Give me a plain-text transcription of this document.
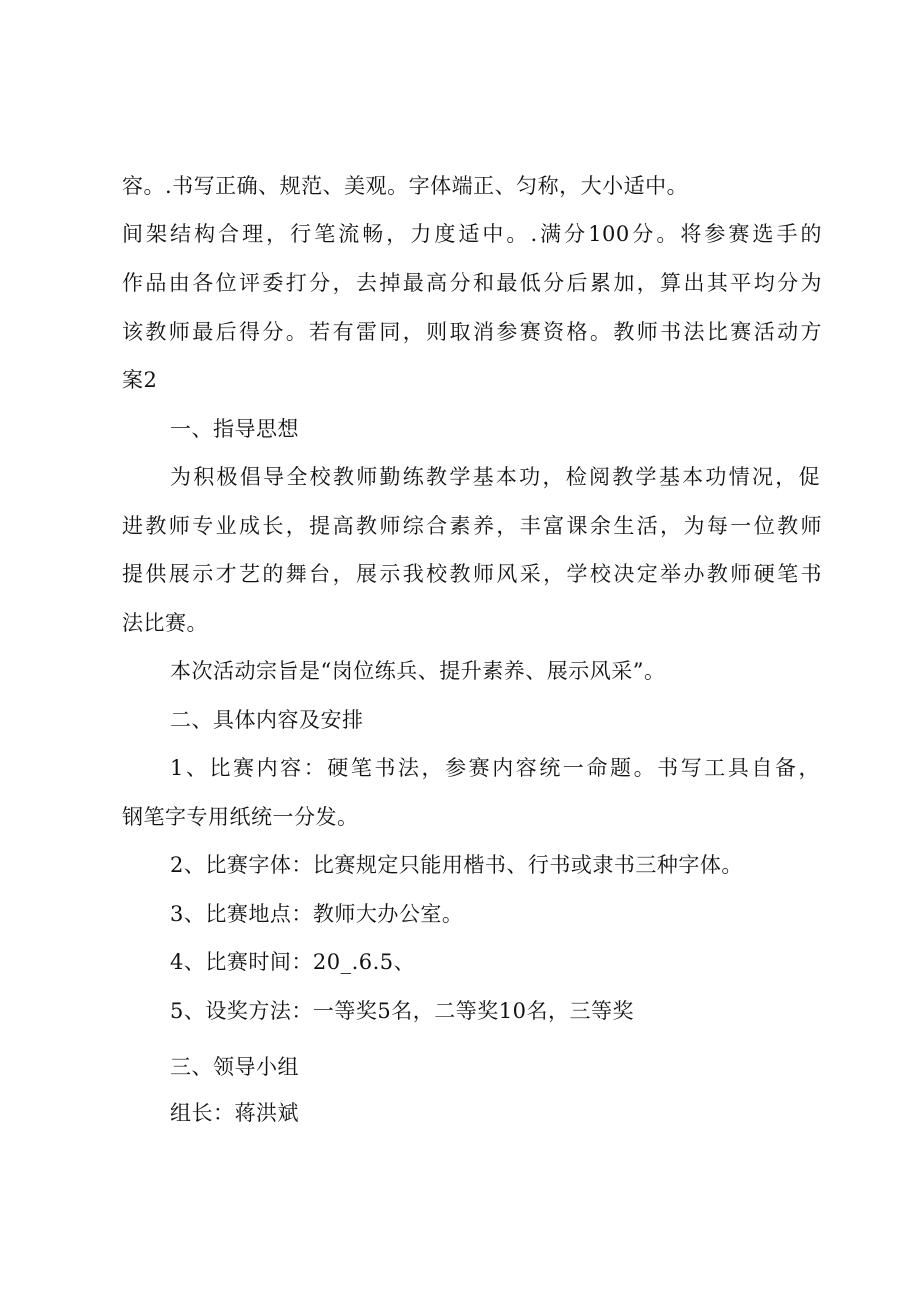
容。.书写正确、规范、美观。字体端正、匀称，大小适中。
间架结构合理，行笔流畅，力度适中。.满分100分。将参赛选手的
作品由各位评委打分，去掉最高分和最低分后累加，算出其平均分为
该教师最后得分。若有雷同，则取消参赛资格。教师书法比赛活动方
案2
一、指导思想
为积极倡导全校教师勤练教学基本功，检阅教学基本功情况，促
进教师专业成长，提高教师综合素养，丰富课余生活，为每一位教师
提供展示才艺的舞台，展示我校教师风采，学校决定举办教师硬笔书
法比赛。
本次活动宗旨是“岗位练兵、提升素养、展示风采”。
二、具体内容及安排
1、比赛内容：硬笔书法，参赛内容统一命题。书写工具自备，
钢笔字专用纸统一分发。
2、比赛字体：比赛规定只能用楷书、行书或隶书三种字体。
3、比赛地点：教师大办公室。
4、比赛时间：20_.6.5、
5、设奖方法：一等奖5名，二等奖10名，三等奖
三、领导小组
组长：蒋洪斌
